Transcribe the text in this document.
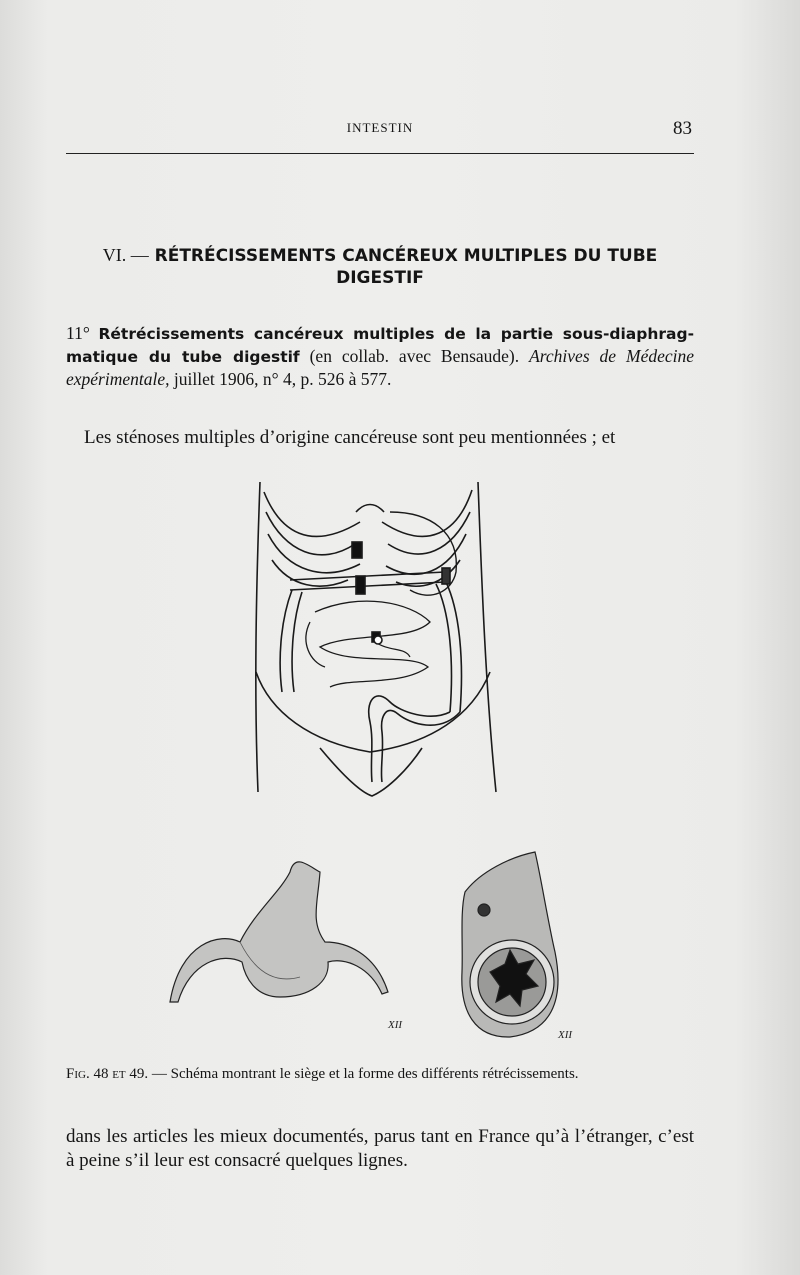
INTESTIN	83
VI. — RÉTRÉCISSEMENTS CANCÉREUX MULTIPLES DU TUBE
DIGESTIF
11° Rétrécissements cancéreux multiples de la partie sous-diaphrag-matique du tube digestif (en collab. avec Bensaude). Archives de Médecine expérimentale, juillet 1906, n° 4, p. 526 à 577.
Les sténoses multiples d’origine cancéreuse sont peu mentionnées ; et
XII
XII
Fig. 48 et 49. — Schéma montrant le siège et la forme des différents rétrécissements.
dans les articles les mieux documentés, parus tant en France qu’à l’étranger, c’est à peine s’il leur est consacré quelques lignes.
